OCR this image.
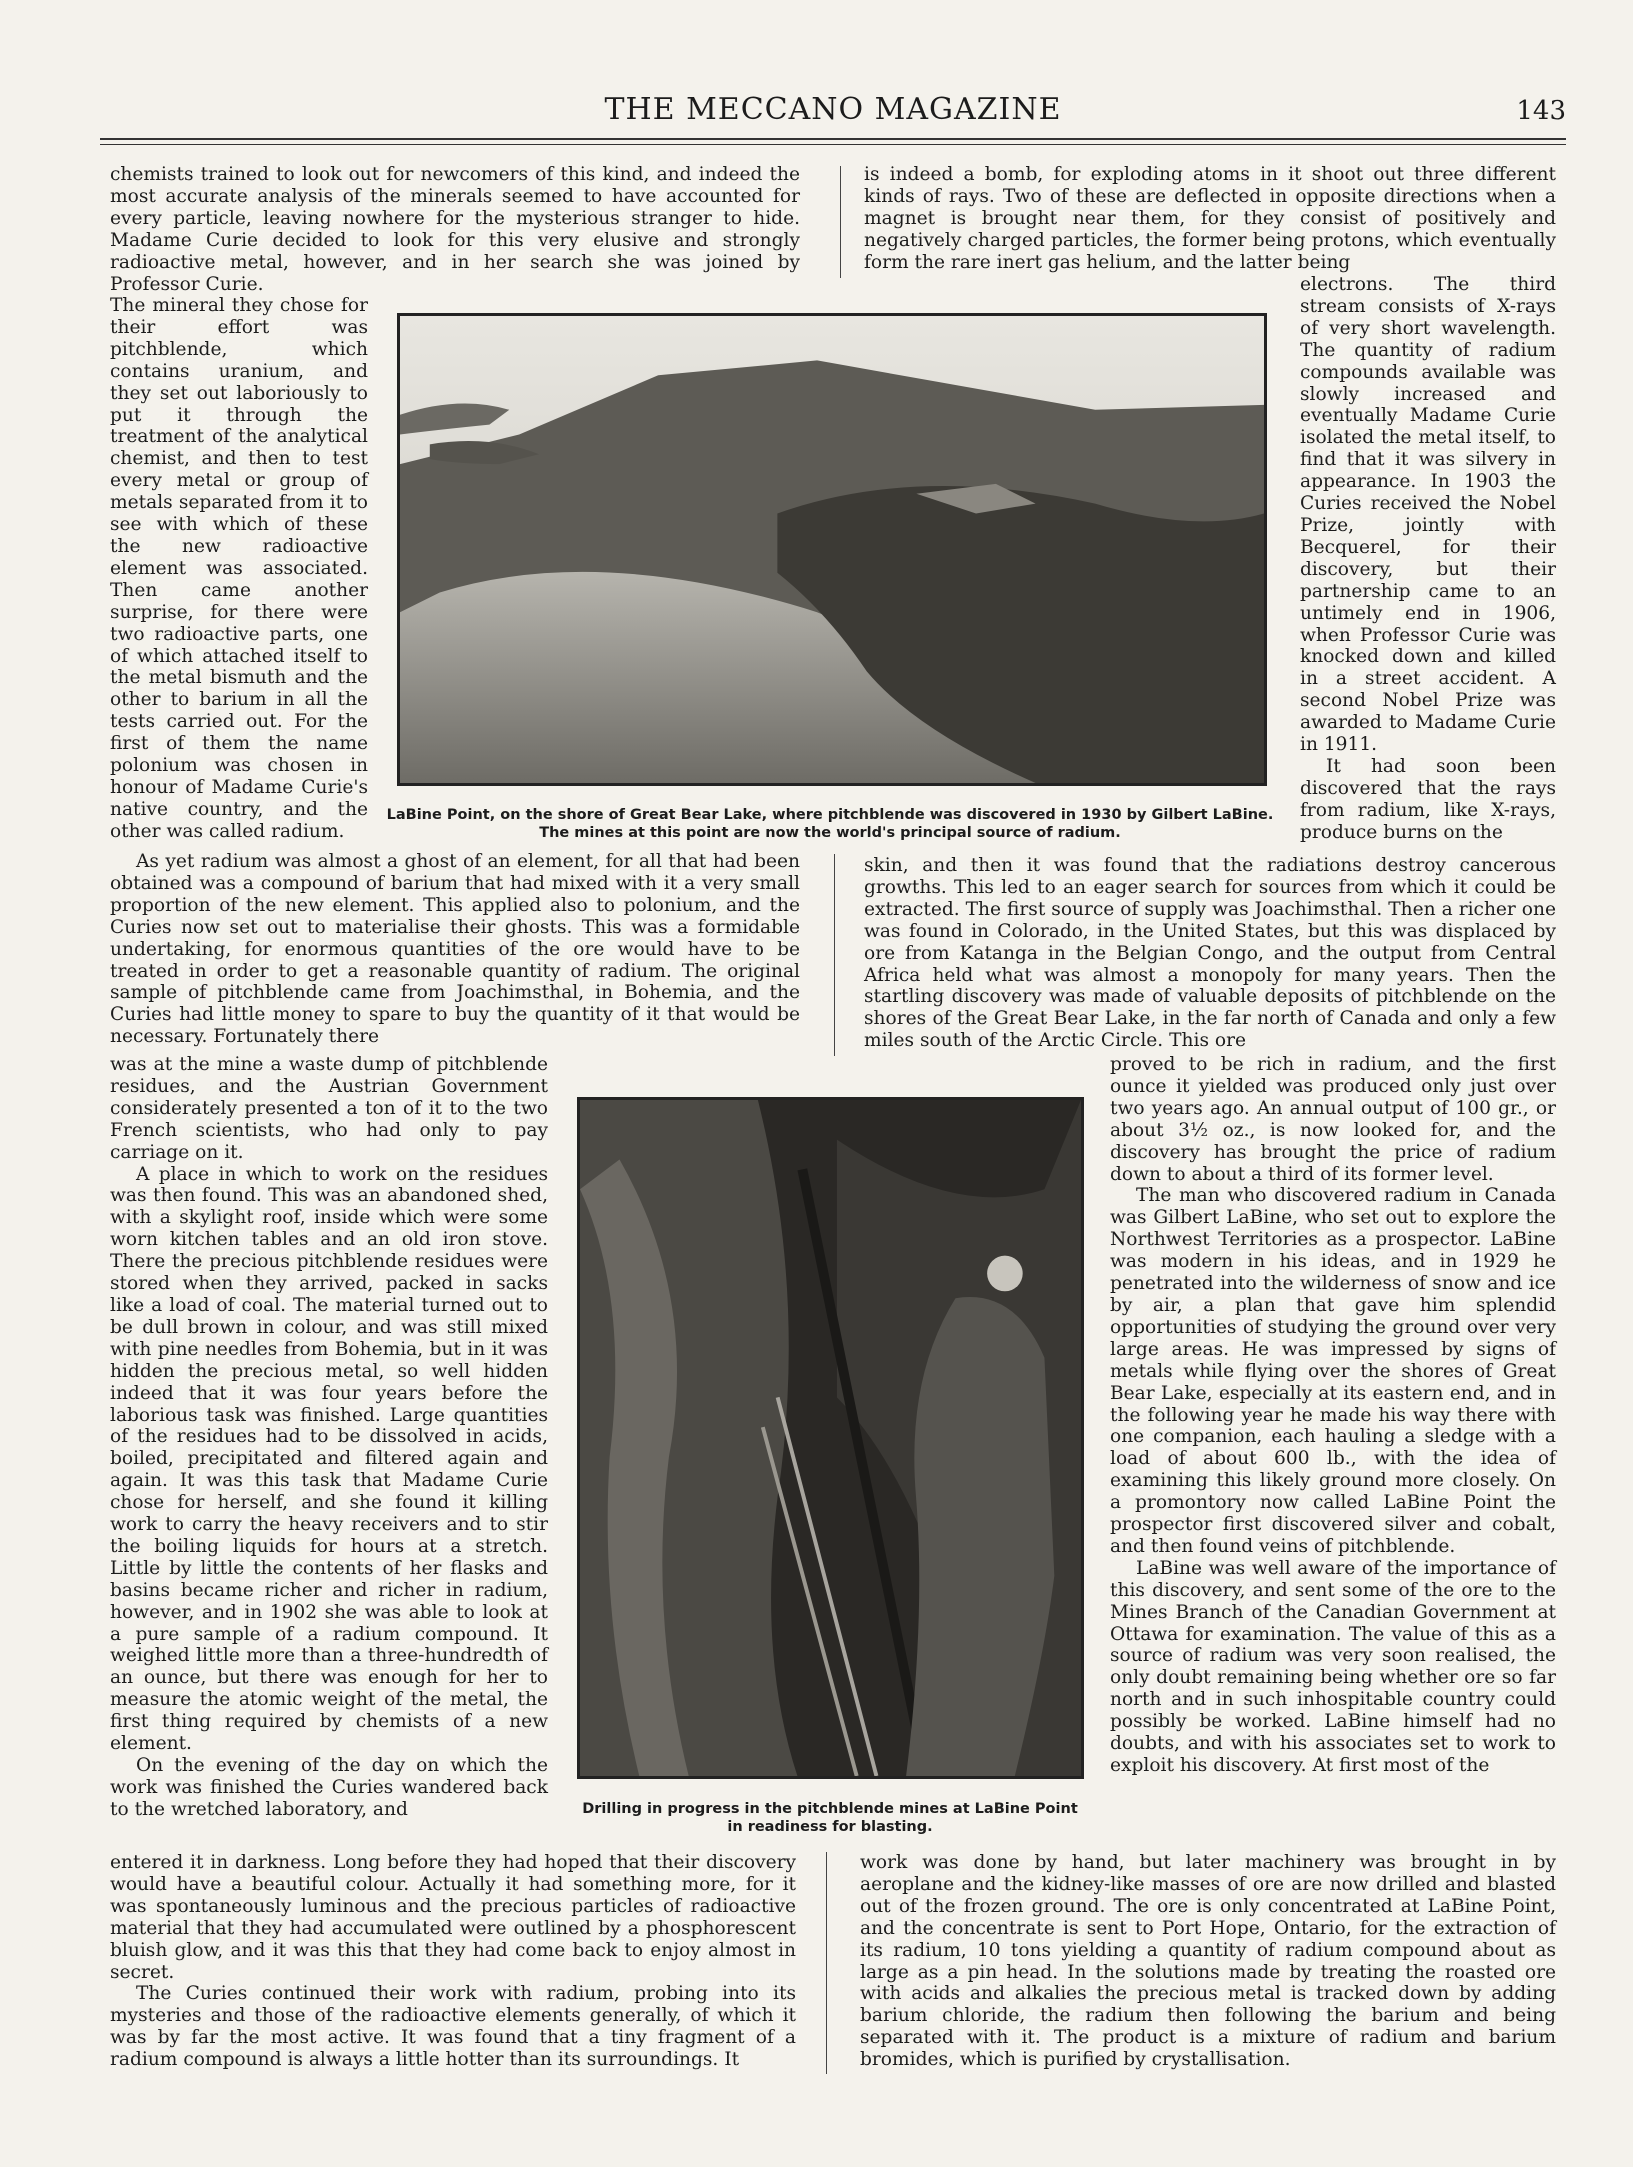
THE MECCANO MAGAZINE	143

chemists trained to look out for newcomers of this kind, and indeed the most accurate analysis of the minerals seemed to have accounted for every particle, leaving nowhere for the mysterious stranger to hide. Madame Curie decided to look for this very elusive and strongly radioactive metal, however, and in her search she was joined by Professor Curie.

is indeed a bomb, for exploding atoms in it shoot out three different kinds of rays. Two of these are deflected in opposite directions when a magnet is brought near them, for they consist of positively and negatively charged particles, the former being protons, which eventually form the rare inert gas helium, and the latter being

The mineral they chose for their effort was pitchblende, which contains uranium, and they set out laboriously to put it through the treatment of the analytical chemist, and then to test every metal or group of metals separated from it to see with which of these the new radioactive element was associated. Then came another surprise, for there were two radioactive parts, one of which attached itself to the metal bismuth and the other to barium in all the tests carried out. For the first of them the name polonium was chosen in honour of Madame Curie's native country, and the other was called radium.

LaBine Point, on the shore of Great Bear Lake, where pitchblende was discovered in 1930 by Gilbert LaBine.
The mines at this point are now the world's principal source of radium.

electrons. The third stream consists of X-rays of very short wavelength. The quantity of radium compounds available was slowly increased and eventually Madame Curie isolated the metal itself, to find that it was silvery in appearance. In 1903 the Curies received the Nobel Prize, jointly with Becquerel, for their discovery, but their partnership came to an untimely end in 1906, when Professor Curie was knocked down and killed in a street accident. A second Nobel Prize was awarded to Madame Curie in 1911.

It had soon been discovered that the rays from radium, like X-rays, produce burns on the

As yet radium was almost a ghost of an element, for all that had been obtained was a compound of barium that had mixed with it a very small proportion of the new element. This applied also to polonium, and the Curies now set out to materialise their ghosts. This was a formidable undertaking, for enormous quantities of the ore would have to be treated in order to get a reasonable quantity of radium. The original sample of pitchblende came from Joachimsthal, in Bohemia, and the Curies had little money to spare to buy the quantity of it that would be necessary. Fortunately there

skin, and then it was found that the radiations destroy cancerous growths. This led to an eager search for sources from which it could be extracted. The first source of supply was Joachimsthal. Then a richer one was found in Colorado, in the United States, but this was displaced by ore from Katanga in the Belgian Congo, and the output from Central Africa held what was almost a monopoly for many years. Then the startling discovery was made of valuable deposits of pitchblende on the shores of the Great Bear Lake, in the far north of Canada and only a few miles south of the Arctic Circle. This ore

was at the mine a waste dump of pitchblende residues, and the Austrian Government considerately presented a ton of it to the two French scientists, who had only to pay carriage on it.

A place in which to work on the residues was then found. This was an abandoned shed, with a skylight roof, inside which were some worn kitchen tables and an old iron stove. There the precious pitchblende residues were stored when they arrived, packed in sacks like a load of coal. The material turned out to be dull brown in colour, and was still mixed with pine needles from Bohemia, but in it was hidden the precious metal, so well hidden indeed that it was four years before the laborious task was finished. Large quantities of the residues had to be dissolved in acids, boiled, precipitated and filtered again and again. It was this task that Madame Curie chose for herself, and she found it killing work to carry the heavy receivers and to stir the boiling liquids for hours at a stretch. Little by little the contents of her flasks and basins became richer and richer in radium, however, and in 1902 she was able to look at a pure sample of a radium compound. It weighed little more than a three-hundredth of an ounce, but there was enough for her to measure the atomic weight of the metal, the first thing required by chemists of a new element.

On the evening of the day on which the work was finished the Curies wandered back to the wretched laboratory, and	Drilling in progress in the pitchblende mines at LaBine Point
in readiness for blasting.

proved to be rich in radium, and the first ounce it yielded was produced only just over two years ago. An annual output of 100 gr., or about 3½ oz., is now looked for, and the discovery has brought the price of radium down to about a third of its former level.

The man who discovered radium in Canada was Gilbert LaBine, who set out to explore the Northwest Territories as a prospector. LaBine was modern in his ideas, and in 1929 he penetrated into the wilderness of snow and ice by air, a plan that gave him splendid opportunities of studying the ground over very large areas. He was impressed by signs of metals while flying over the shores of Great Bear Lake, especially at its eastern end, and in the following year he made his way there with one companion, each hauling a sledge with a load of about 600 lb., with the idea of examining this likely ground more closely. On a promontory now called LaBine Point the prospector first discovered silver and cobalt, and then found veins of pitchblende.

LaBine was well aware of the importance of this discovery, and sent some of the ore to the Mines Branch of the Canadian Government at Ottawa for examination. The value of this as a source of radium was very soon realised, the only doubt remaining being whether ore so far north and in such inhospitable country could possibly be worked. LaBine himself had no doubts, and with his associates set to work to exploit his discovery. At first most of the

entered it in darkness. Long before they had hoped that their discovery would have a beautiful colour. Actually it had something more, for it was spontaneously luminous and the precious particles of radioactive material that they had accumulated were outlined by a phosphorescent bluish glow, and it was this that they had come back to enjoy almost in secret.

The Curies continued their work with radium, probing into its mysteries and those of the radioactive elements generally, of which it was by far the most active. It was found that a tiny fragment of a radium compound is always a little hotter than its surroundings. It

work was done by hand, but later machinery was brought in by aeroplane and the kidney-like masses of ore are now drilled and blasted out of the frozen ground. The ore is only concentrated at LaBine Point, and the concentrate is sent to Port Hope, Ontario, for the extraction of its radium, 10 tons yielding a quantity of radium compound about as large as a pin head. In the solutions made by treating the roasted ore with acids and alkalies the precious metal is tracked down by adding barium chloride, the radium then following the barium and being separated with it. The product is a mixture of radium and barium bromides, which is purified by crystallisation.
